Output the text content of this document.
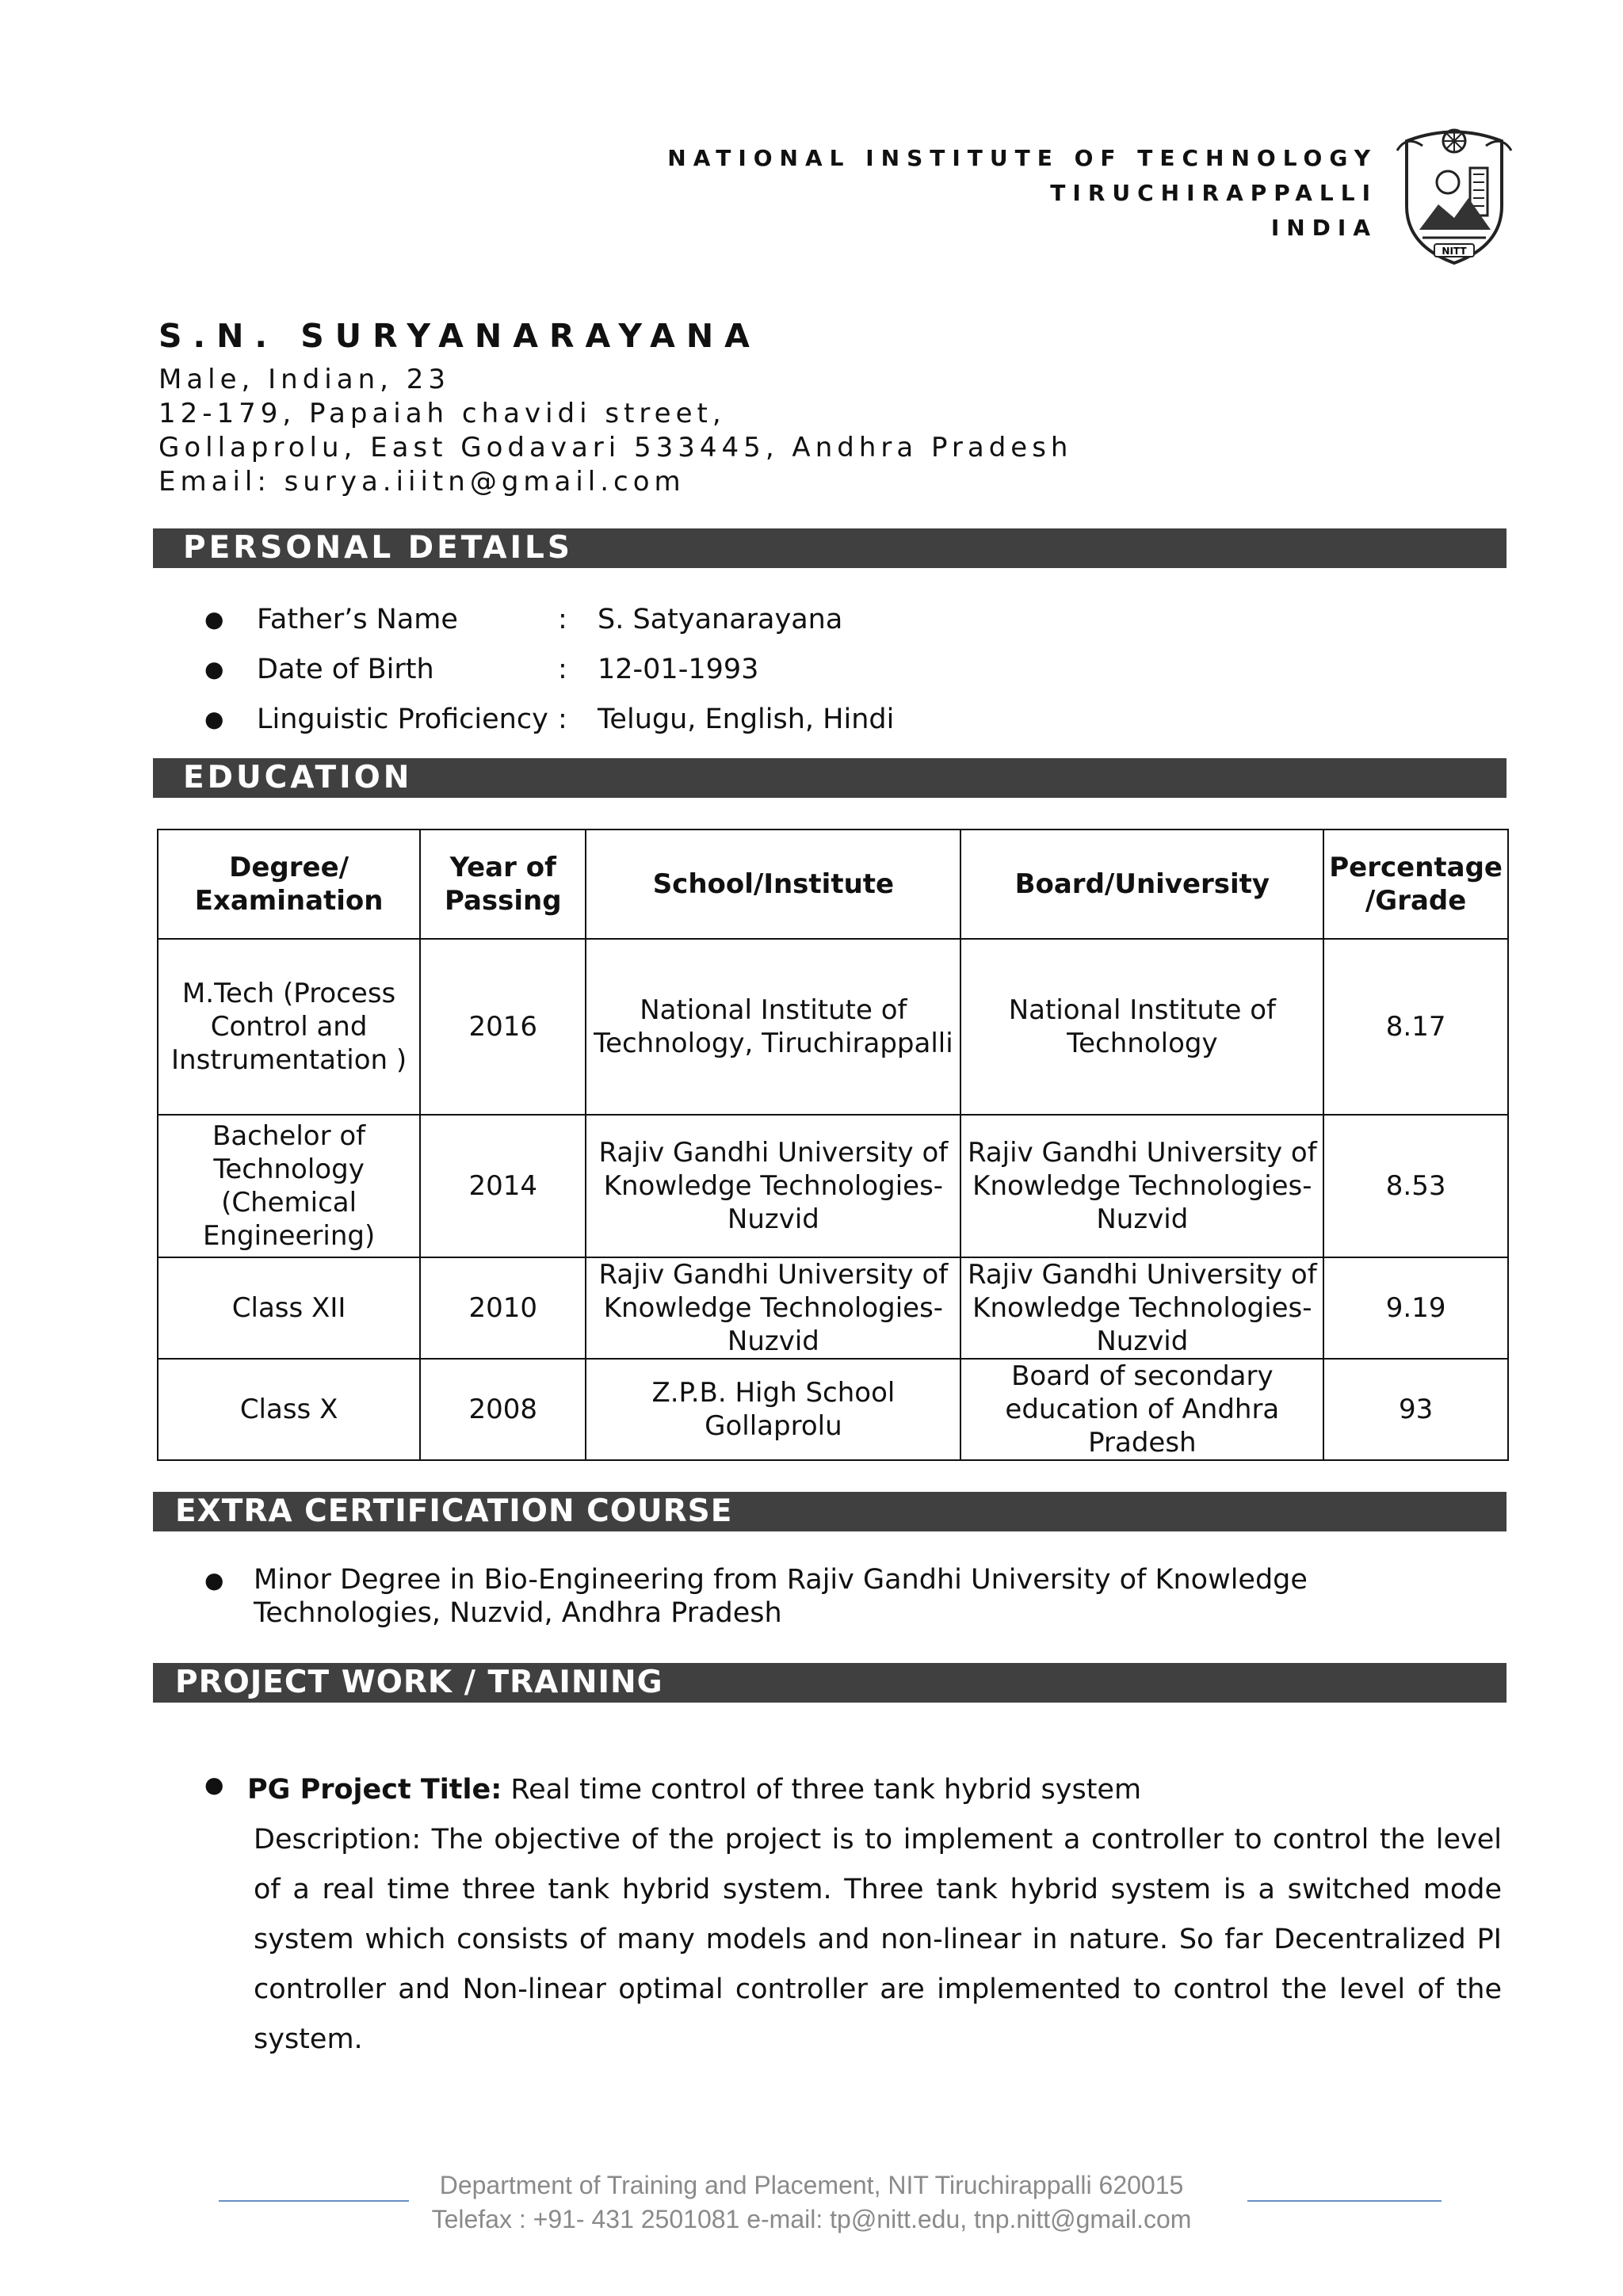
NATIONAL INSTITUTE OF TECHNOLOGY
TIRUCHIRAPPALLI
INDIA
NITT
S.N. SURYANARAYANA
Male, Indian, 23
12-179, Papaiah chavidi street,
Gollaprolu, East Godavari 533445, Andhra Pradesh
Email: surya.iiitn@gmail.com
PERSONAL DETAILS
●	Father’s Name	:	S. Satyanarayana
●	Date of Birth	:	12-01-1993
●	Linguistic Proficiency :	Telugu, English, Hindi
EDUCATION
Degree/ Examination	Year of Passing	School/Institute	Board/University	Percentage /Grade
M.Tech (Process Control and Instrumentation )	2016	National Institute of Technology, Tiruchirappalli	National Institute of Technology	8.17
Bachelor of Technology (Chemical Engineering)	2014	Rajiv Gandhi University of Knowledge Technologies-Nuzvid	Rajiv Gandhi University of Knowledge Technologies-Nuzvid	8.53
Class XII	2010	Rajiv Gandhi University of Knowledge Technologies-Nuzvid	Rajiv Gandhi University of Knowledge Technologies-Nuzvid	9.19
Class X	2008	Z.P.B. High School Gollaprolu	Board of secondary education of Andhra Pradesh	93
EXTRA CERTIFICATION COURSE
● Minor Degree in Bio-Engineering from Rajiv Gandhi University of Knowledge Technologies, Nuzvid, Andhra Pradesh
PROJECT WORK / TRAINING
● PG Project Title: Real time control of three tank hybrid system
Description: The objective of the project is to implement a controller to control the level of a real time three tank hybrid system. Three tank hybrid system is a switched mode system which consists of many models and non-linear in nature. So far Decentralized PI controller and Non-linear optimal controller are implemented to control the level of the system.
Department of Training and Placement, NIT Tiruchirappalli 620015
Telefax : +91- 431 2501081 e-mail: tp@nitt.edu, tnp.nitt@gmail.com
